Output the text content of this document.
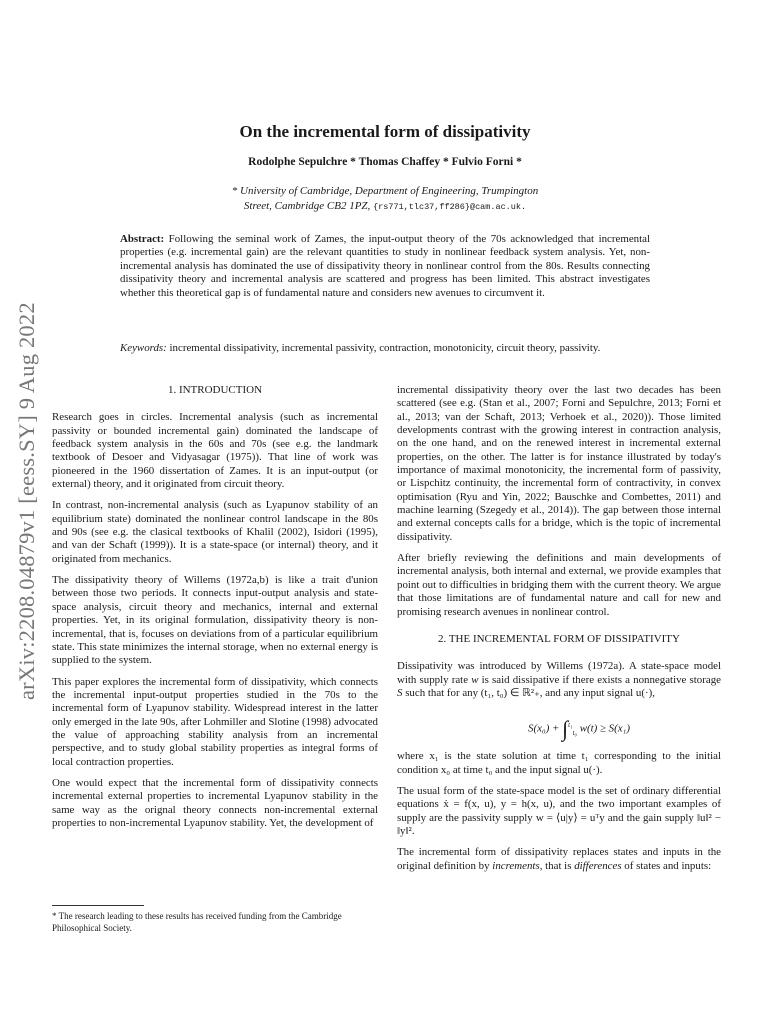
arXiv:2208.04879v1 [eess.SY] 9 Aug 2022
On the incremental form of dissipativity
Rodolphe Sepulchre * Thomas Chaffey * Fulvio Forni *
* University of Cambridge, Department of Engineering, Trumpington
Street, Cambridge CB2 1PZ, {rs771,tlc37,ff286}@cam.ac.uk.
Abstract: Following the seminal work of Zames, the input-output theory of the 70s acknowledged that incremental properties (e.g. incremental gain) are the relevant quantities to study in nonlinear feedback system analysis. Yet, non-incremental analysis has dominated the use of dissipativity theory in nonlinear control from the 80s. Results connecting dissipativity theory and incremental analysis are scattered and progress has been limited. This abstract investigates whether this theoretical gap is of fundamental nature and considers new avenues to circumvent it.
Keywords: incremental dissipativity, incremental passivity, contraction, monotonicity, circuit theory, passivity.
1. INTRODUCTION

Research goes in circles. Incremental analysis (such as incremental passivity or bounded incremental gain) dominated the landscape of feedback system analysis in the 60s and 70s (see e.g. the landmark textbook of Desoer and Vidyasagar (1975)). That line of work was pioneered in the 1960 dissertation of Zames. It is an input-output (or external) theory, and it originated from circuit theory.

In contrast, non-incremental analysis (such as Lyapunov stability of an equilibrium state) dominated the nonlinear control landscape in the 80s and 90s (see e.g. the clasical textbooks of Khalil (2002), Isidori (1995), and van der Schaft (1999)). It is a state-space (or internal) theory, and it originated from mechanics.

The dissipativity theory of Willems (1972a,b) is like a trait d'union between those two periods. It connects input-output analysis and state-space analysis, circuit theory and mechanics, internal and external properties. Yet, in its original formulation, dissipativity theory is non-incremental, that is, focuses on deviations from of a particular equilibrium state. This state minimizes the internal storage, when no external energy is supplied to the system.

This paper explores the incremental form of dissipativity, which connects the incremental input-output properties studied in the 70s to the incremental form of Lyapunov stability. Widespread interest in the latter only emerged in the late 90s, after Lohmiller and Slotine (1998) advocated the value of approaching stability analysis from an incremental perspective, and to study global stability properties as integral forms of local contraction properties.

One would expect that the incremental form of dissipativity connects incremental external properties to incremental Lyapunov stability in the same way as the orignal theory connects non-incremental external properties to non-incremental Lyapunov stability. Yet, the development of

incremental dissipativity theory over the last two decades has been scattered (see e.g. (Stan et al., 2007; Forni and Sepulchre, 2013; Forni et al., 2013; van der Schaft, 2013; Verhoek et al., 2020)). Those limited developments contrast with the growing interest in contraction analysis, on the one hand, and on the renewed interest in incremental external properties, on the other. The latter is for instance illustrated by today's importance of maximal monotonicity, the incremental form of passivity, or Lispchitz continuity, the incremental form of contractivity, in convex optimisation (Ryu and Yin, 2022; Bauschke and Combettes, 2011) and machine learning (Szegedy et al., 2014)). The gap between those internal and external concepts calls for a bridge, which is the topic of incremental dissipativity.

After briefly reviewing the definitions and main developments of incremental analysis, both internal and external, we provide examples that point out to difficulties in bridging them with the current theory. We argue that those limitations are of fundamental nature and call for new and promising research avenues in nonlinear control.

2. THE INCREMENTAL FORM OF DISSIPATIVITY

Dissipativity was introduced by Willems (1972a). A state-space model with supply rate w is said dissipative if there exists a nonnegative storage S such that for any (t₁, t₀) ∈ ℝ²₊, and any input signal u(·),

S(x₀) + ∫$^{t_1}_{t_0}$ w(t) ≥ S(x₁)

where x₁ is the state solution at time t₁ corresponding to the initial condition x₀ at time t₀ and the input signal u(·).

The usual form of the state-space model is the set of ordinary differential equations ẋ = f(x, u), y = h(x, u), and the two important examples of supply are the passivity supply w = ⟨u|y⟩ = uᵀy and the gain supply ‖u‖² − ‖y‖².

The incremental form of dissipativity replaces states and inputs in the original definition by increments, that is differences of states and inputs:

* The research leading to these results has received funding from the Cambridge Philosophical Society.
